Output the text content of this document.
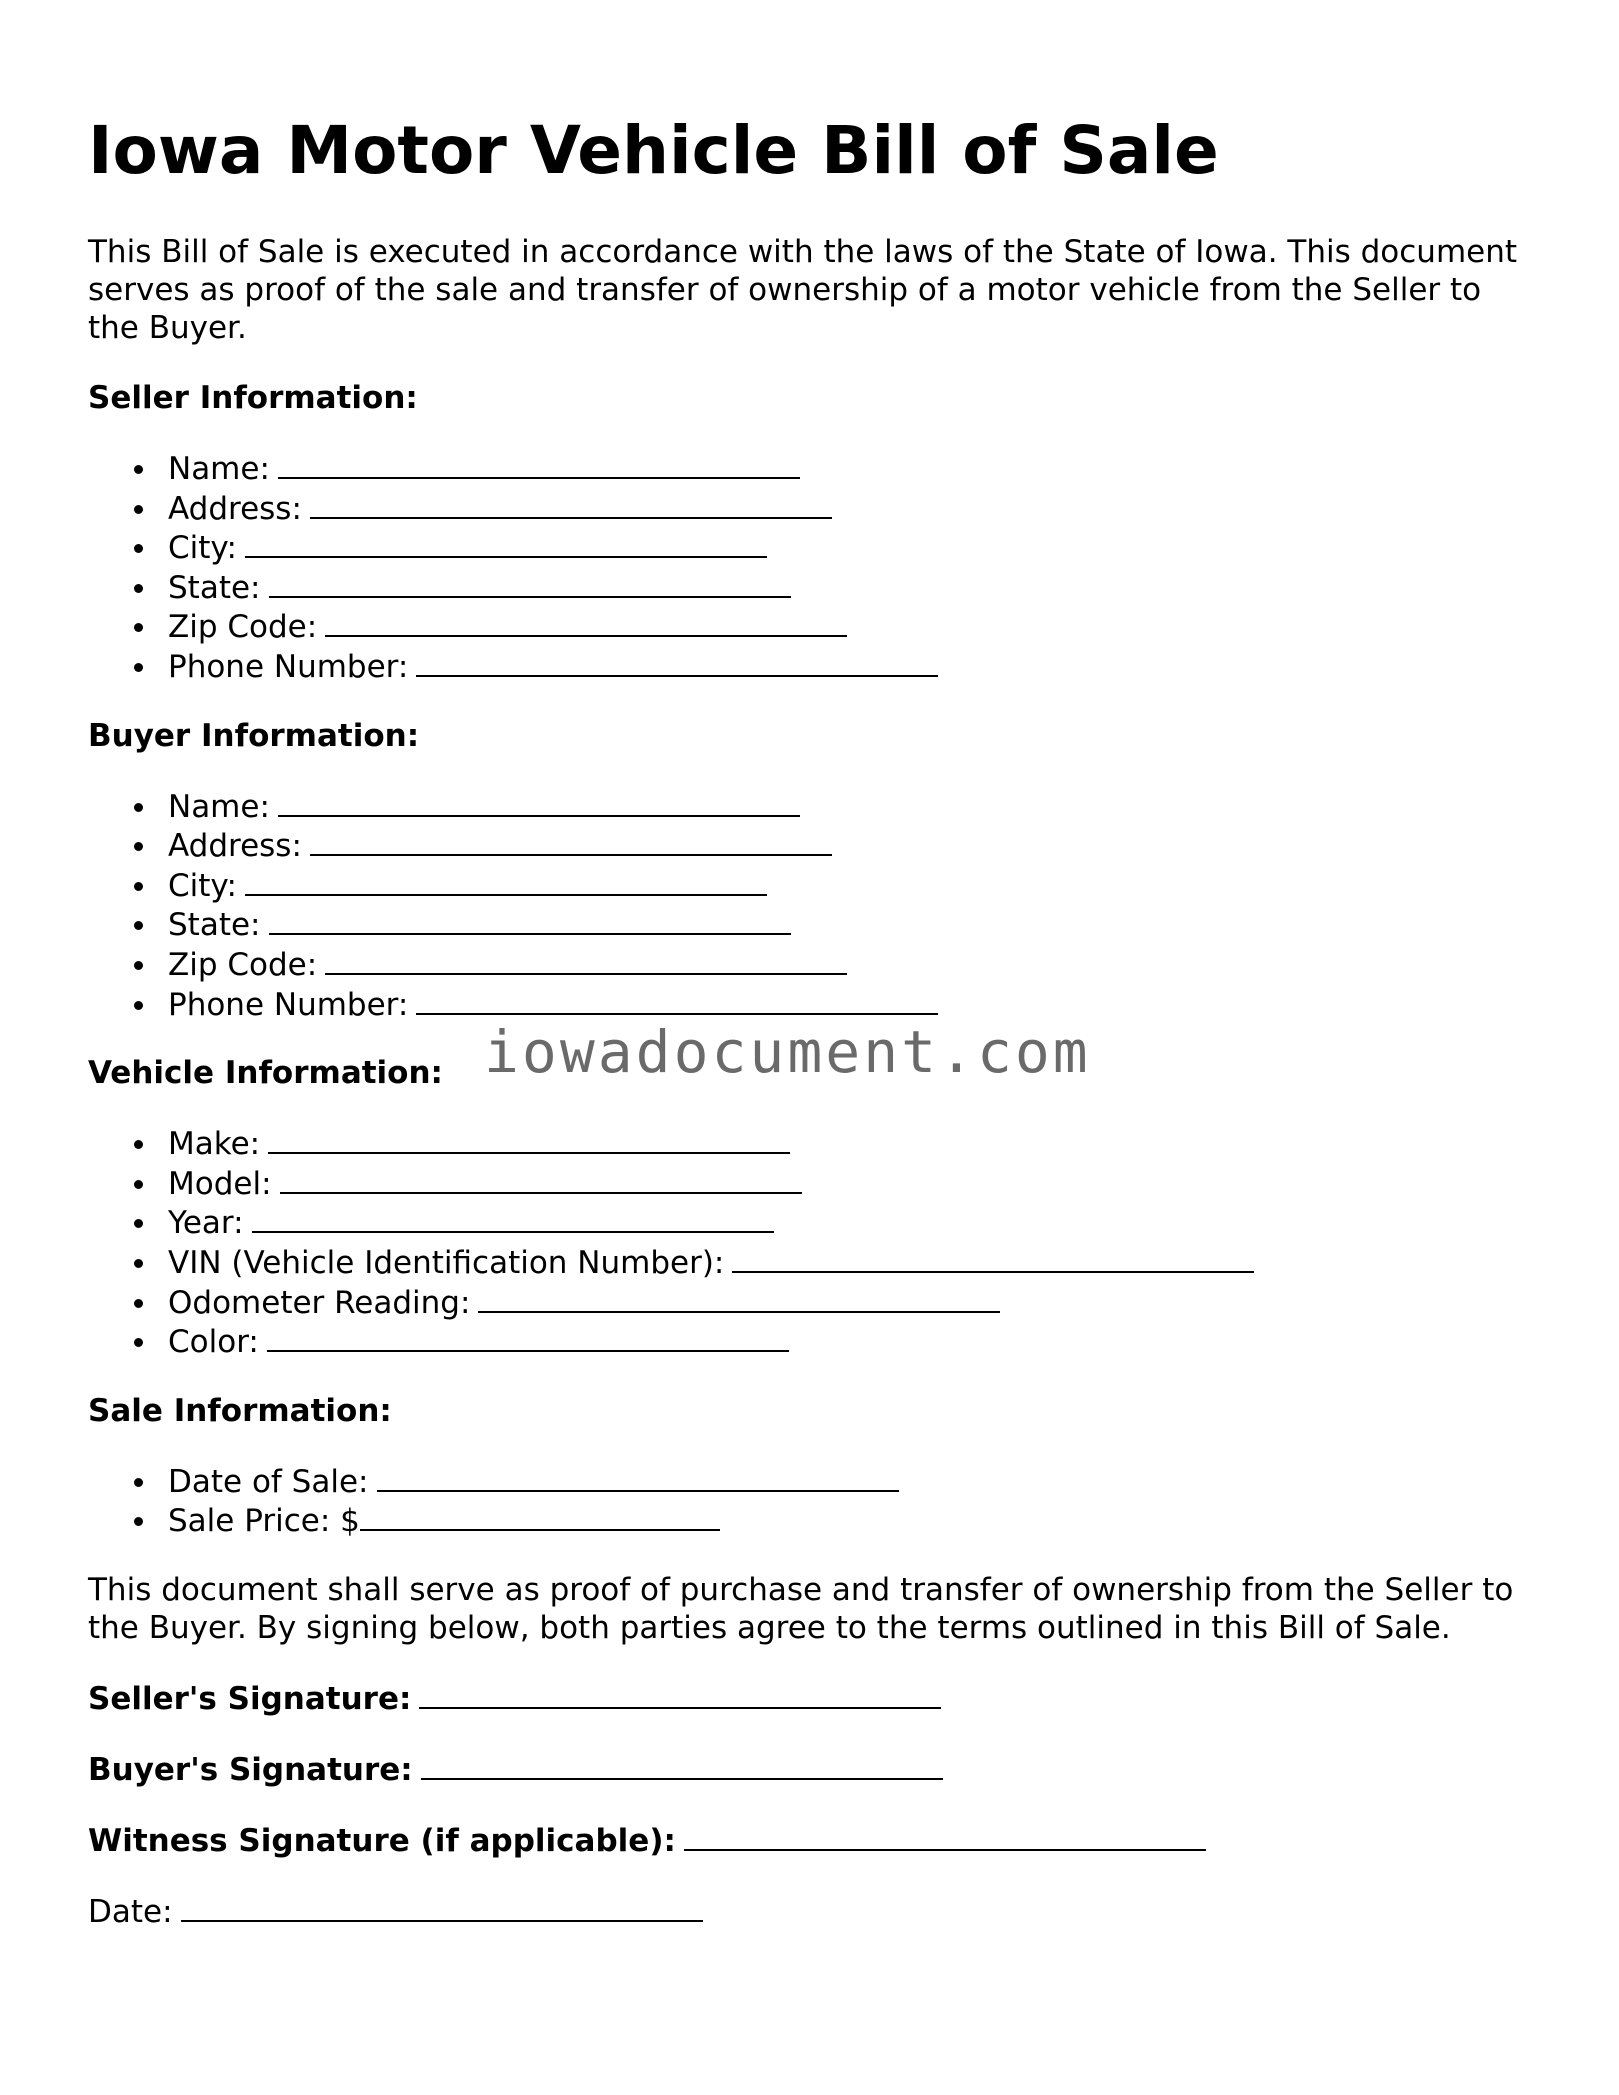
Iowa Motor Vehicle Bill of Sale

This Bill of Sale is executed in accordance with the laws of the State of Iowa. This document serves as proof of the sale and transfer of ownership of a motor vehicle from the Seller to the Buyer.

Seller Information:

Name:
Address:
City:
State:
Zip Code:
Phone Number:

Buyer Information:

Name:
Address:
City:
State:
Zip Code:
Phone Number:

Vehicle Information:

Make:
Model:
Year:
VIN (Vehicle Identification Number):
Odometer Reading:
Color:

Sale Information:

Date of Sale:
Sale Price: $

This document shall serve as proof of purchase and transfer of ownership from the Seller to the Buyer. By signing below, both parties agree to the terms outlined in this Bill of Sale.

Seller's Signature:

Buyer's Signature:

Witness Signature (if applicable):

Date:

iowadocument.com
